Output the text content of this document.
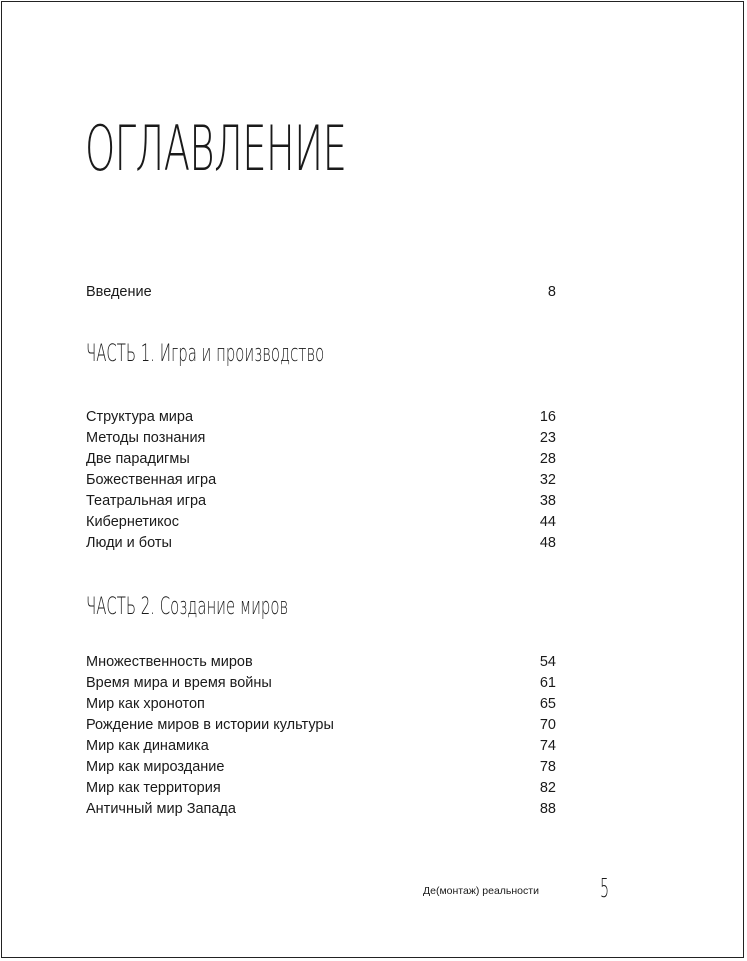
ОГЛАВЛЕНИЕ
Введение	8
ЧАСТЬ 1. Игра и производство
Структура мира	16
Методы познания	23
Две парадигмы	28
Божественная игра	32
Театральная игра	38
Кибернетикос	44
Люди и боты	48
ЧАСТЬ 2. Создание миров
Множественность миров	54
Время мира и время войны	61
Мир как хронотоп	65
Рождение миров в истории культуры	70
Мир как динамика	74
Мир как мироздание	78
Мир как территория	82
Античный мир Запада	88
Де(монтаж) реальности 5
